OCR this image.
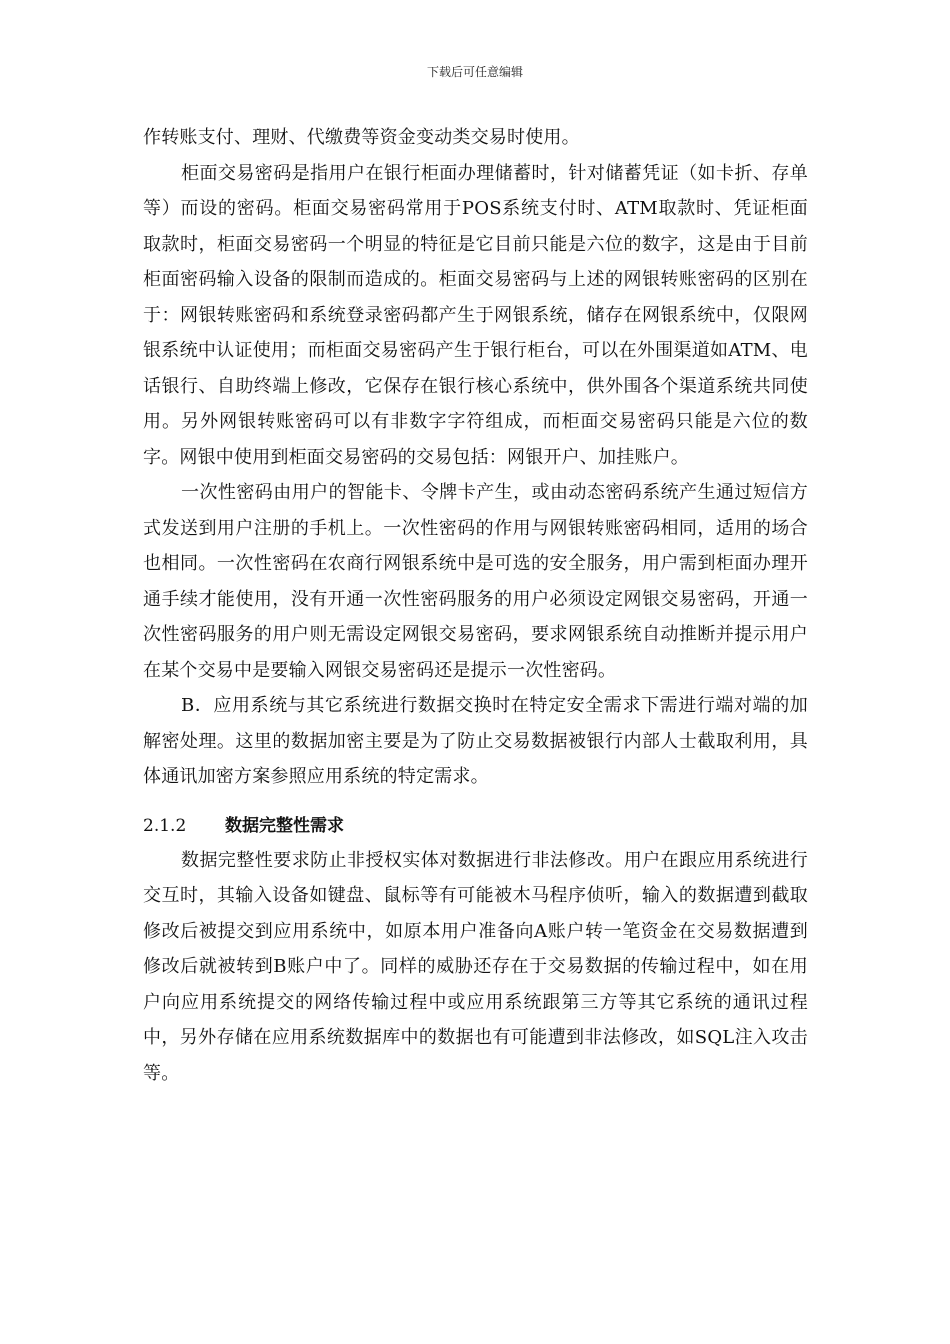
下载后可任意编辑

作转账支付、理财、代缴费等资金变动类交易时使用。

柜面交易密码是指用户在银行柜面办理储蓄时，针对储蓄凭证（如卡折、存单等）而设的密码。柜面交易密码常用于POS系统支付时、ATM取款时、凭证柜面取款时，柜面交易密码一个明显的特征是它目前只能是六位的数字，这是由于目前柜面密码输入设备的限制而造成的。柜面交易密码与上述的网银转账密码的区别在于：网银转账密码和系统登录密码都产生于网银系统，储存在网银系统中，仅限网银系统中认证使用；而柜面交易密码产生于银行柜台，可以在外围渠道如ATM、电话银行、自助终端上修改，它保存在银行核心系统中，供外围各个渠道系统共同使用。另外网银转账密码可以有非数字字符组成，而柜面交易密码只能是六位的数字。网银中使用到柜面交易密码的交易包括：网银开户、加挂账户。

一次性密码由用户的智能卡、令牌卡产生，或由动态密码系统产生通过短信方式发送到用户注册的手机上。一次性密码的作用与网银转账密码相同，适用的场合也相同。一次性密码在农商行网银系统中是可选的安全服务，用户需到柜面办理开通手续才能使用，没有开通一次性密码服务的用户必须设定网银交易密码，开通一次性密码服务的用户则无需设定网银交易密码，要求网银系统自动推断并提示用户在某个交易中是要输入网银交易密码还是提示一次性密码。

B．应用系统与其它系统进行数据交换时在特定安全需求下需进行端对端的加解密处理。这里的数据加密主要是为了防止交易数据被银行内部人士截取利用，具体通讯加密方案参照应用系统的特定需求。

2.1.2	数据完整性需求

数据完整性要求防止非授权实体对数据进行非法修改。用户在跟应用系统进行交互时，其输入设备如键盘、鼠标等有可能被木马程序侦听，输入的数据遭到截取修改后被提交到应用系统中，如原本用户准备向A账户转一笔资金在交易数据遭到修改后就被转到B账户中了。同样的威胁还存在于交易数据的传输过程中，如在用户向应用系统提交的网络传输过程中或应用系统跟第三方等其它系统的通讯过程中，另外存储在应用系统数据库中的数据也有可能遭到非法修改，如SQL注入攻击等。
